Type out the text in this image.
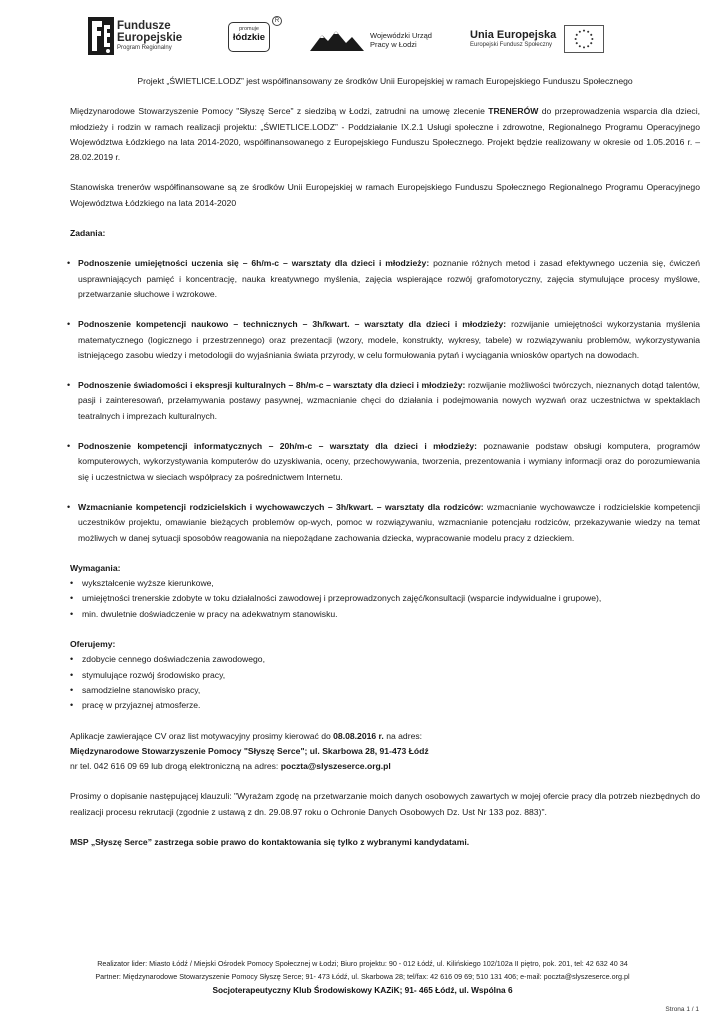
Fundusze
Europejskie
Program Regionalny
promuje
łódzkie
R
Wojewódzki Urząd
Pracy w Łodzi
Unia Europejska
Europejski Fundusz Społeczny
Projekt „ŚWIETLICE.LODZ” jest współfinansowany ze środków Unii Europejskiej w ramach Europejskiego Funduszu Społecznego
Międzynarodowe Stowarzyszenie Pomocy "Słyszę Serce" z siedzibą w Łodzi, zatrudni na umowę zlecenie TRENERÓW do przeprowadzenia wsparcia dla dzieci, młodzieży i rodzin w ramach realizacji projektu: „ŚWIETLICE.LODZ” - Poddziałanie IX.2.1 Usługi społeczne i zdrowotne, Regionalnego Programu Operacyjnego Województwa Łódzkiego na lata 2014-2020, współfinansowanego z Europejskiego Funduszu Społecznego. Projekt będzie realizowany w okresie od 1.05.2016 r. – 28.02.2019 r.
Stanowiska trenerów współfinansowane są ze środków Unii Europejskiej w ramach Europejskiego Funduszu Społecznego Regionalnego Programu Operacyjnego Województwa Łódzkiego na lata 2014-2020
Zadania:
• Podnoszenie umiejętności uczenia się – 6h/m-c – warsztaty dla dzieci i młodzieży: poznanie różnych metod i zasad efektywnego uczenia się, ćwiczeń usprawniających pamięć i koncentrację, nauka kreatywnego myślenia, zajęcia wspierające rozwój grafomotoryczny, zajęcia stymulujące procesy myślowe, przetwarzanie słuchowe i wzrokowe.
• Podnoszenie kompetencji naukowo – technicznych – 3h/kwart. – warsztaty dla dzieci i młodzieży: rozwijanie umiejętności wykorzystania myślenia matematycznego (logicznego i przestrzennego) oraz prezentacji (wzory, modele, konstrukty, wykresy, tabele) w rozwiązywaniu problemów, wykorzystywania istniejącego zasobu wiedzy i metodologii do wyjaśniania świata przyrody, w celu formułowania pytań i wyciągania wniosków opartych na dowodach.
• Podnoszenie świadomości i ekspresji kulturalnych – 8h/m-c – warsztaty dla dzieci i młodzieży: rozwijanie możliwości twórczych, nieznanych dotąd talentów, pasji i zainteresowań, przełamywania postawy pasywnej, wzmacnianie chęci do działania i podejmowania nowych wyzwań oraz uczestnictwa w spektaklach teatralnych i imprezach kulturalnych.
• Podnoszenie kompetencji informatycznych – 20h/m-c – warsztaty dla dzieci i młodzieży: poznawanie podstaw obsługi komputera, programów komputerowych, wykorzystywania komputerów do uzyskiwania, oceny, przechowywania, tworzenia, prezentowania i wymiany informacji oraz do porozumiewania się i uczestnictwa w sieciach współpracy za pośrednictwem Internetu.
• Wzmacnianie kompetencji rodzicielskich i wychowawczych – 3h/kwart. – warsztaty dla rodziców: wzmacnianie wychowawcze i rodzicielskie kompetencji uczestników projektu, omawianie bieżących problemów op-wych, pomoc w rozwiązywaniu, wzmacnianie potencjału rodziców, przekazywanie wiedzy na temat możliwych w danej sytuacji sposobów reagowania na niepożądane zachowania dziecka, wypracowanie modelu pracy z dzieckiem.
Wymagania:
• wykształcenie wyższe kierunkowe,
• umiejętności trenerskie zdobyte w toku działalności zawodowej i przeprowadzonych zajęć/konsultacji (wsparcie indywidualne i grupowe),
• min. dwuletnie doświadczenie w pracy na adekwatnym stanowisku.
Oferujemy:
• zdobycie cennego doświadczenia zawodowego,
• stymulujące rozwój środowisko pracy,
• samodzielne stanowisko pracy,
• pracę w przyjaznej atmosferze.
Aplikacje zawierające CV oraz list motywacyjny prosimy kierować do 08.08.2016 r. na adres:
Międzynarodowe Stowarzyszenie Pomocy "Słyszę Serce"; ul. Skarbowa 28, 91-473 Łódź
nr tel. 042 616 09 69 lub drogą elektroniczną na adres: poczta@slyszeserce.org.pl
Prosimy o dopisanie następującej klauzuli: "Wyrażam zgodę na przetwarzanie moich danych osobowych zawartych w mojej ofercie pracy dla potrzeb niezbędnych do realizacji procesu rekrutacji (zgodnie z ustawą z dn. 29.08.97 roku o Ochronie Danych Osobowych Dz. Ust Nr 133 poz. 883)".
MSP „Słyszę Serce” zastrzega sobie prawo do kontaktowania się tylko z wybranymi kandydatami.
Realizator lider: Miasto Łódź / Miejski Ośrodek Pomocy Społecznej w Łodzi; Biuro projektu: 90 - 012 Łódź, ul. Kilińskiego 102/102a II piętro, pok. 201, tel: 42 632 40 34
Partner: Międzynarodowe Stowarzyszenie Pomocy Słyszę Serce; 91- 473 Łódź, ul. Skarbowa 28; tel/fax: 42 616 09 69; 510 131 406; e-mail: poczta@slyszeserce.org.pl
Socjoterapeutyczny Klub Środowiskowy KAZiK; 91- 465 Łódź, ul. Wspólna 6
Strona 1 / 1
